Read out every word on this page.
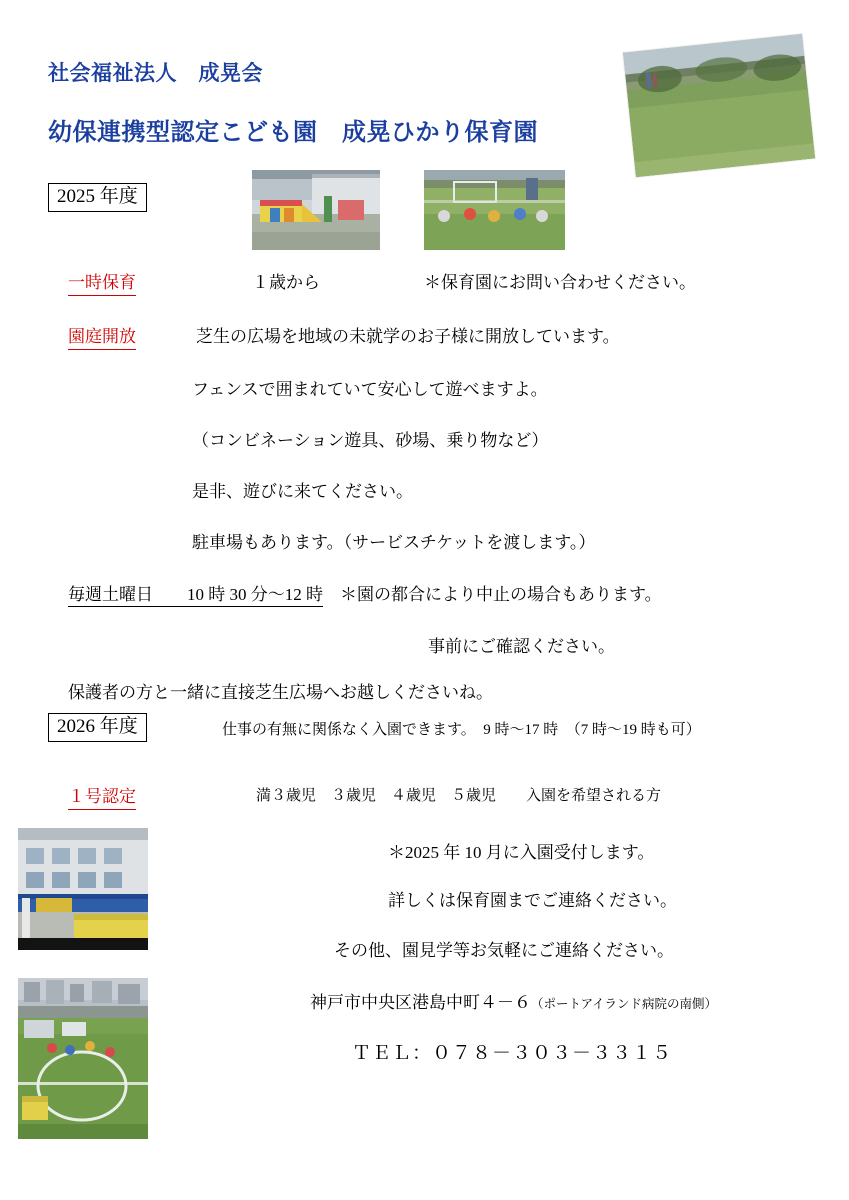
社会福祉法人　成晃会
幼保連携型認定こども園　成晃ひかり保育園
2025 年度
一時保育	１歳から	＊保育園にお問い合わせください。
園庭開放	芝生の広場を地域の未就学のお子様に開放しています。
フェンスで囲まれていて安心して遊べますよ。
（コンビネーション遊具、砂場、乗り物など）
是非、遊びに来てください。
駐車場もあります。（サービスチケットを渡します。）
毎週土曜日　　 10 時 30 分～12 時　 ＊園の都合により中止の場合もあります。
事前にご確認ください。
保護者の方と一緒に直接芝生広場へお越しくださいね。
2026 年度	仕事の有無に関係なく入園できます。　9 時～17 時　（7 時～19 時も可）
１号認定	満３歳児　３歳児　４歳児　５歳児　　入園を希望される方
＊2025 年 10 月に入園受付します。
詳しくは保育園までご連絡ください。
その他、園見学等お気軽にご連絡ください。
神戸市中央区港島中町４－６（ポートアイランド病院の南側）
ＴＥＬ：０７８－３０３－３３１５
